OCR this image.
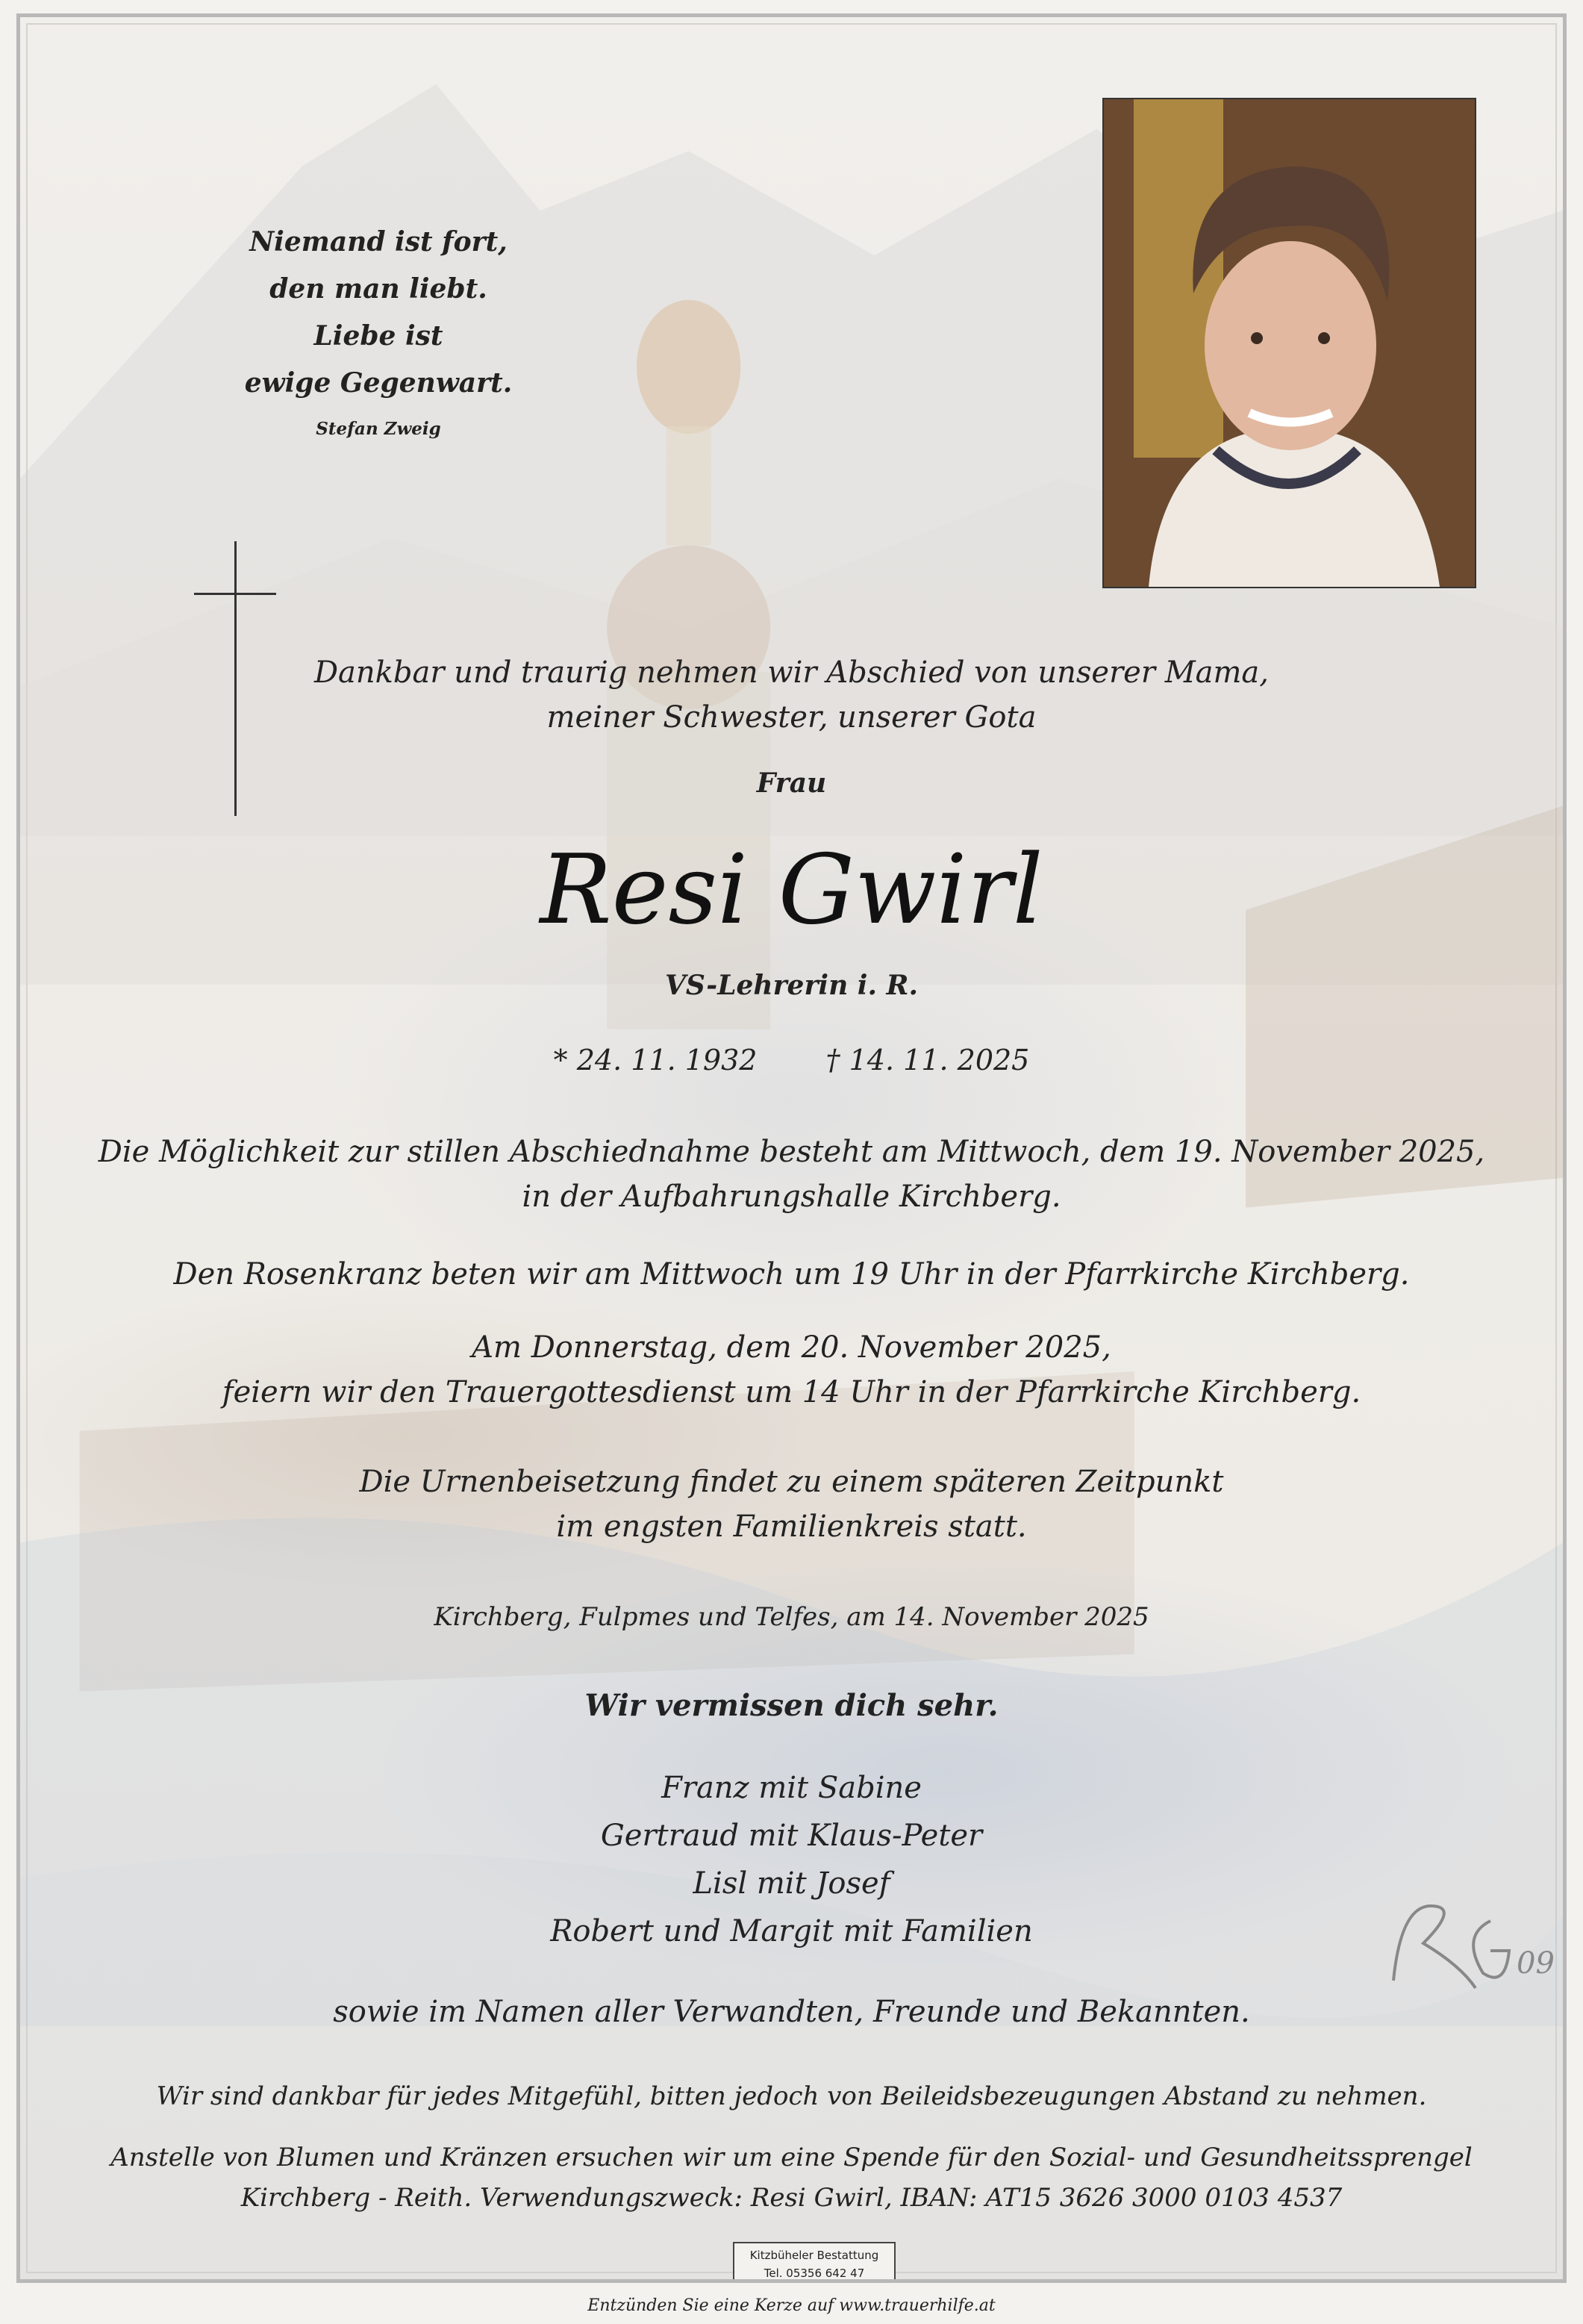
09
Niemand ist fort,
den man liebt.
Liebe ist
ewige Gegenwart.
Stefan Zweig
Dankbar und traurig nehmen wir Abschied von unserer Mama,
meiner Schwester, unserer Gota
Frau
Resi Gwirl
VS-Lehrerin i. R.
* 24. 11. 1932 † 14. 11. 2025
Die Möglichkeit zur stillen Abschiednahme besteht am Mittwoch, dem 19. November 2025,
in der Aufbahrungshalle Kirchberg.
Den Rosenkranz beten wir am Mittwoch um 19 Uhr in der Pfarrkirche Kirchberg.
Am Donnerstag, dem 20. November 2025,
feiern wir den Trauergottesdienst um 14 Uhr in der Pfarrkirche Kirchberg.
Die Urnenbeisetzung findet zu einem späteren Zeitpunkt
im engsten Familienkreis statt.
Kirchberg, Fulpmes und Telfes, am 14. November 2025
Wir vermissen dich sehr.
Franz mit Sabine
Gertraud mit Klaus-Peter
Lisl mit Josef
Robert und Margit mit Familien
sowie im Namen aller Verwandten, Freunde und Bekannten.
Wir sind dankbar für jedes Mitgefühl, bitten jedoch von Beileidsbezeugungen Abstand zu nehmen.
Anstelle von Blumen und Kränzen ersuchen wir um eine Spende für den Sozial- und Gesundheitssprengel
Kirchberg - Reith. Verwendungszweck: Resi Gwirl, IBAN: AT15 3626 3000 0103 4537
Kitzbüheler Bestattung
Tel. 05356 642 47
Entzünden Sie eine Kerze auf www.trauerhilfe.at
